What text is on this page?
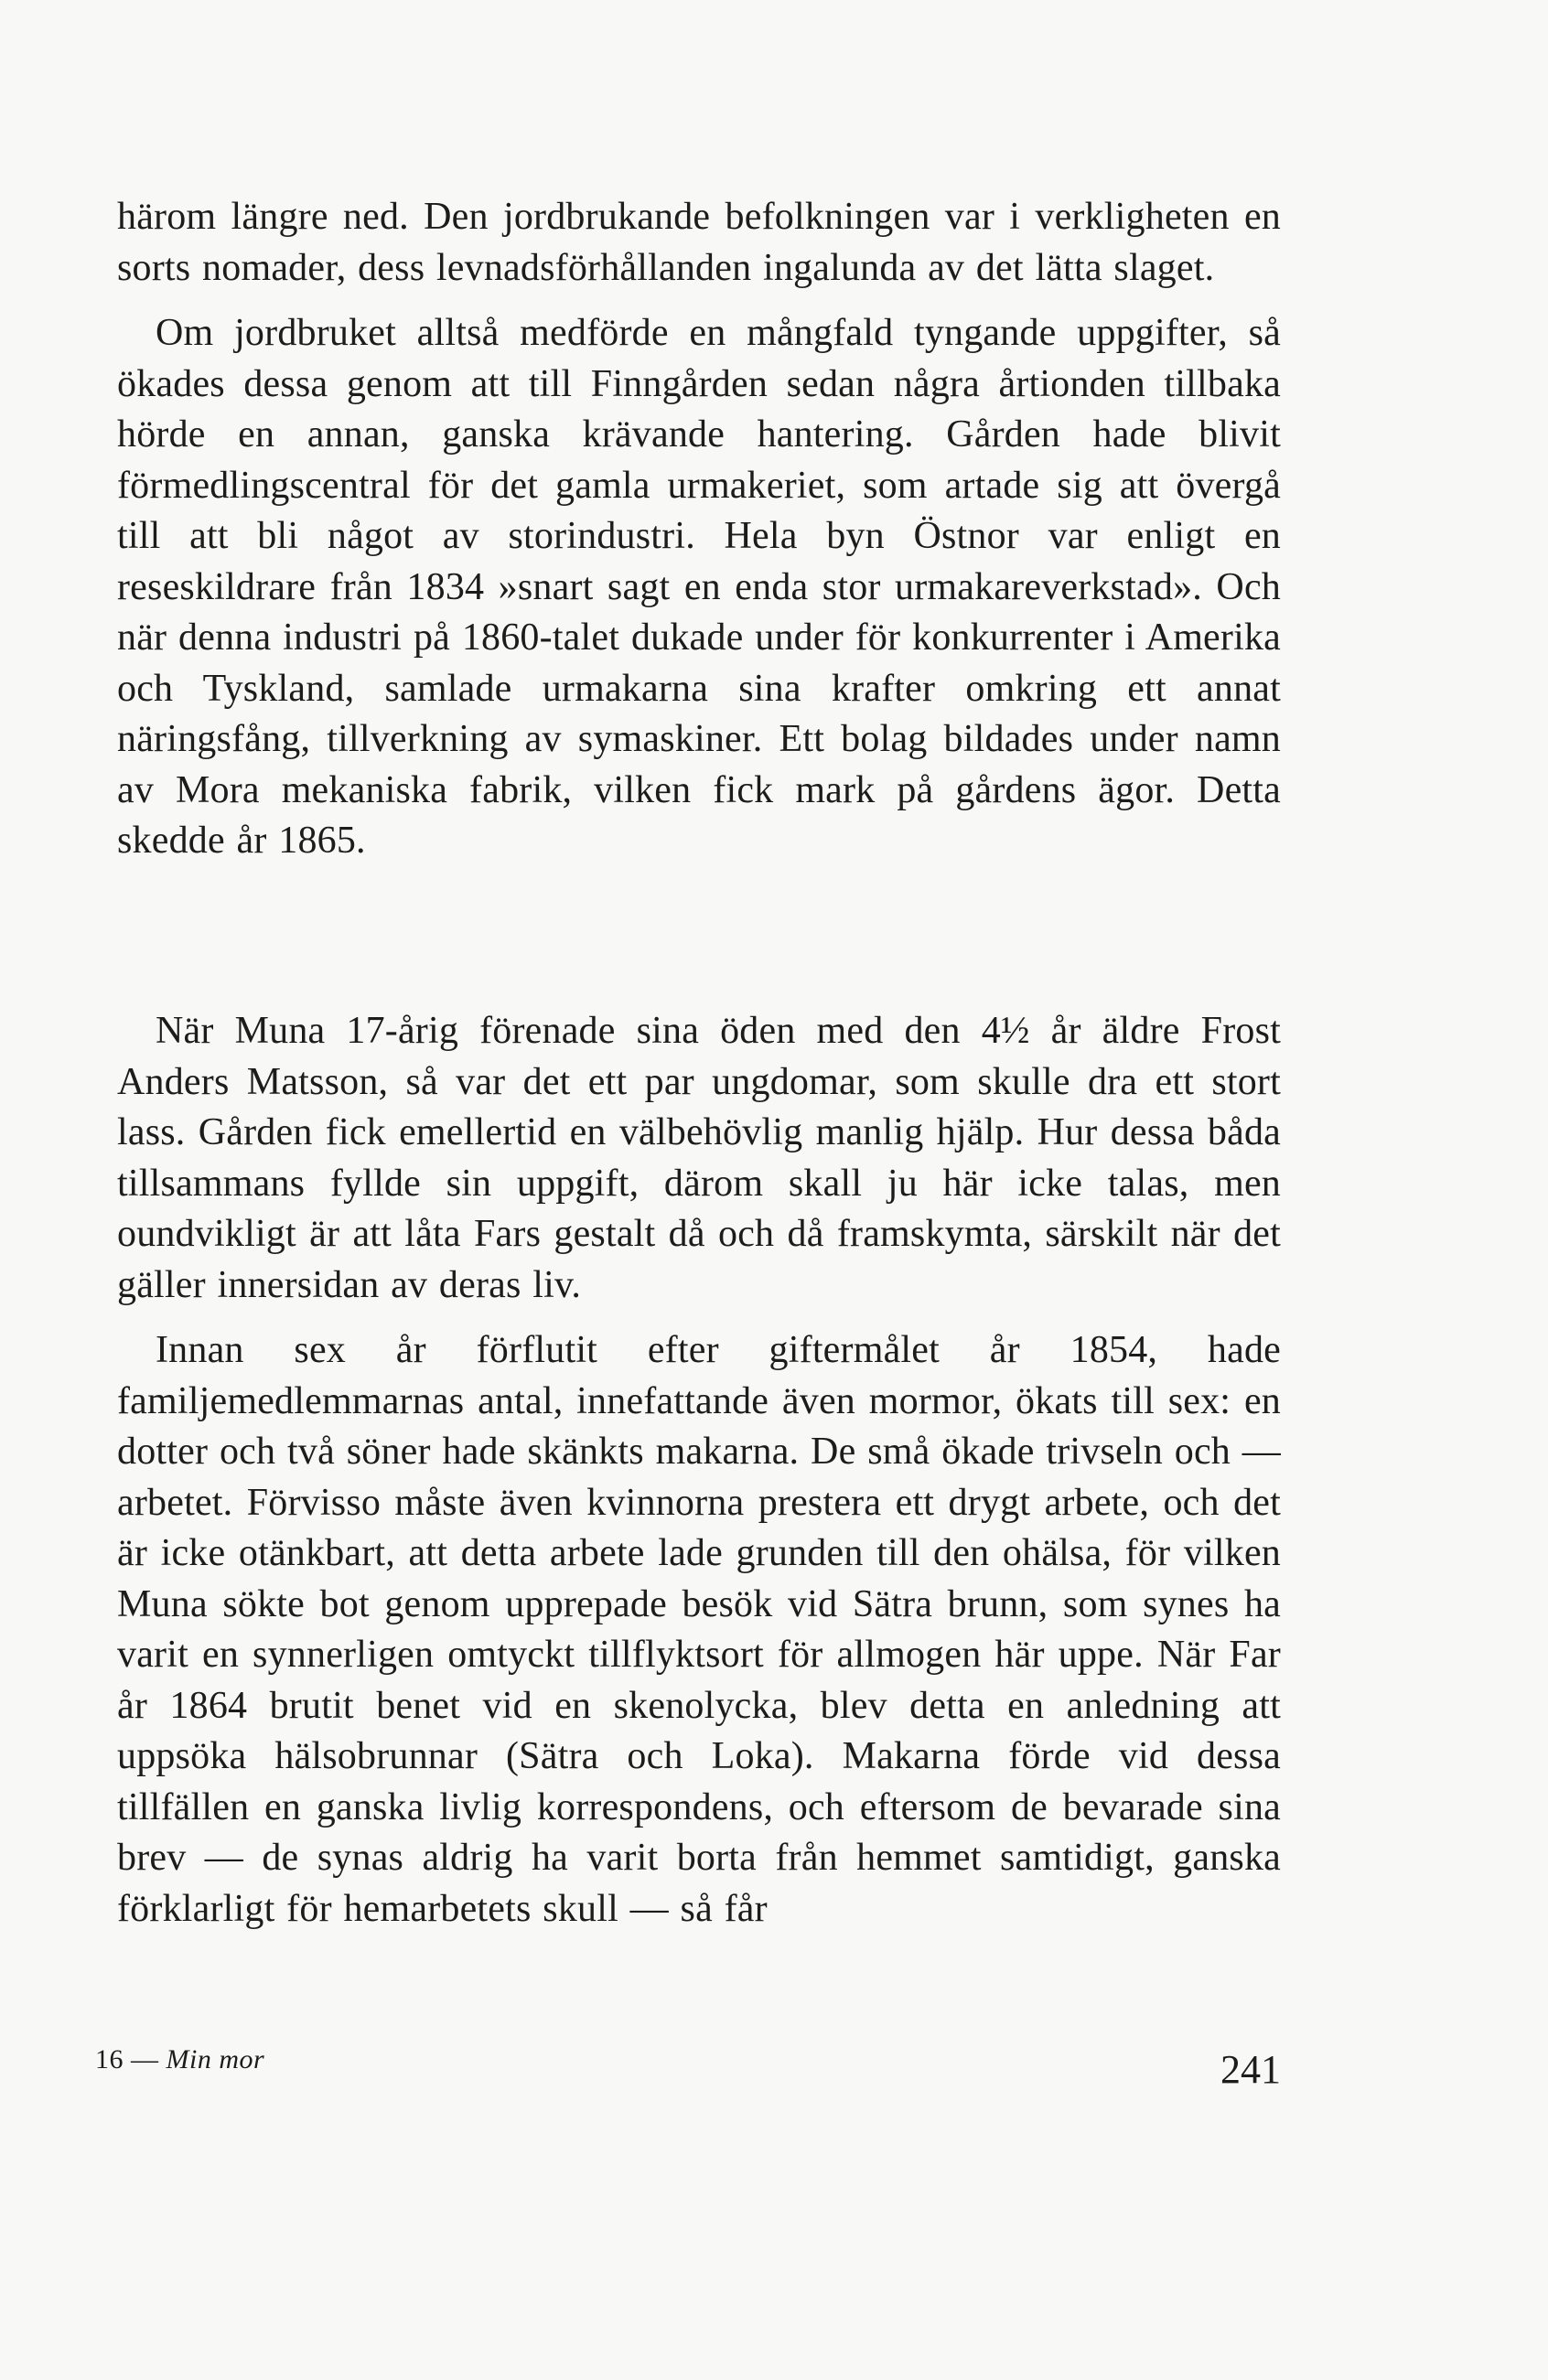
härom längre ned. Den jordbrukande befolkningen var i verkligheten en sorts nomader, dess levnadsförhållanden ingalunda av det lätta slaget.

Om jordbruket alltså medförde en mångfald tyngande uppgifter, så ökades dessa genom att till Finngården sedan några årtionden tillbaka hörde en annan, ganska krävande hantering. Gården hade blivit förmedlingscentral för det gamla urmakeriet, som artade sig att övergå till att bli något av storindustri. Hela byn Östnor var enligt en reseskildrare från 1834 »snart sagt en enda stor urmakareverkstad». Och när denna industri på 1860-talet dukade under för konkurrenter i Amerika och Tyskland, samlade urmakarna sina krafter omkring ett annat näringsfång, tillverkning av symaskiner. Ett bolag bildades under namn av Mora mekaniska fabrik, vilken fick mark på gårdens ägor. Detta skedde år 1865.

När Muna 17-årig förenade sina öden med den 4½ år äldre Frost Anders Matsson, så var det ett par ungdomar, som skulle dra ett stort lass. Gården fick emellertid en välbehövlig manlig hjälp. Hur dessa båda tillsammans fyllde sin uppgift, därom skall ju här icke talas, men oundvikligt är att låta Fars gestalt då och då framskymta, särskilt när det gäller innersidan av deras liv.

Innan sex år förflutit efter giftermålet år 1854, hade familjemedlemmarnas antal, innefattande även mormor, ökats till sex: en dotter och två söner hade skänkts makarna. De små ökade trivseln och — arbetet. Förvisso måste även kvinnorna prestera ett drygt arbete, och det är icke otänkbart, att detta arbete lade grunden till den ohälsa, för vilken Muna sökte bot genom upprepade besök vid Sätra brunn, som synes ha varit en synnerligen omtyckt tillflyktsort för allmogen här uppe. När Far år 1864 brutit benet vid en skenolycka, blev detta en anledning att uppsöka hälsobrunnar (Sätra och Loka). Makarna förde vid dessa tillfällen en ganska livlig korrespondens, och eftersom de bevarade sina brev — de synas aldrig ha varit borta från hemmet samtidigt, ganska förklarligt för hemarbetets skull — så får

16 — Min mor	241
